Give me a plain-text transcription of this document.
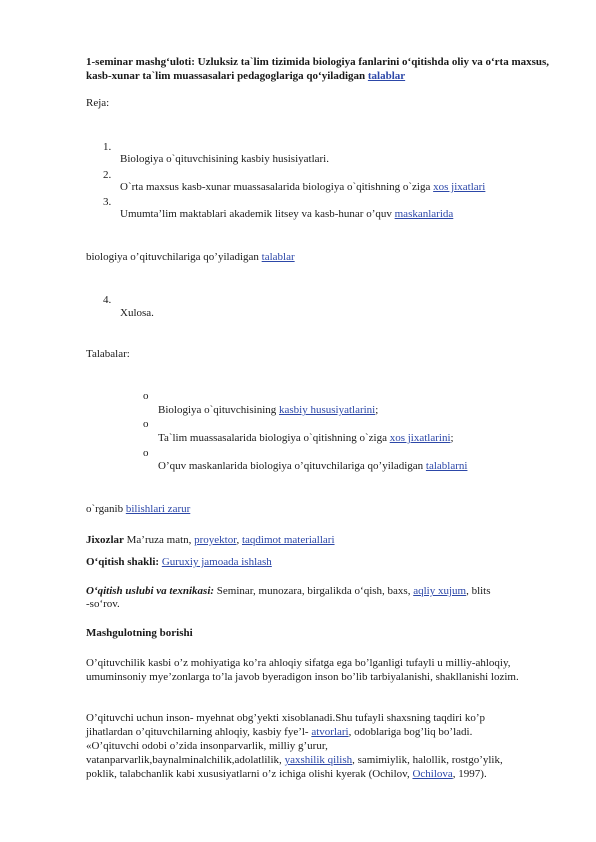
1-seminar mashg‘uloti: Uzluksiz ta`lim tizimida biologiya fanlarini o‘qitishda oliy va o‘rta maxsus, kasb-xunar ta`lim muassasalari pedagoglariga qo‘yiladigan talablar
Reja:
1.
Biologiya o`qituvchisining kasbiy husisiyatlari.
2.
O`rta maxsus kasb-xunar muassasalarida biologiya o`qitishning o`ziga xos jixatlari
3.
Umumta’lim maktablari akademik litsey va kasb-hunar o’quv maskanlarida
biologiya o’qituvchilariga qo’yiladigan talablar
4.
Xulosa.
Talabalar:
o
Biologiya o`qituvchisining kasbiy hususiyatlarini;
o
Ta`lim muassasalarida biologiya o`qitishning o`ziga xos jixatlarini;
o
O’quv maskanlarida biologiya o’qituvchilariga qo’yiladigan talablarni
o`rganib bilishlari zarur
Jixozlar Ma’ruza matn, proyektor, taqdimot materiallari
O‘qitish shakli: Guruxiy jamoada ishlash
O‘qitish uslubi va texnikasi: Seminar, munozara, birgalikda o‘qish, baxs, aqliy xujum, blits
-so‘rov.
Mashgulotning borishi
O’qituvchilik kasbi o’z mohiyatiga ko’ra ahloqiy sifatga ega bo’lganligi tufayli u milliy-ahloqiy, umuminsoniy mye’zonlarga to’la javob byeradigon inson bo’lib tarbiyalanishi, shakllanishi lozim.
O’qituvchi uchun inson- myehnat obg’yekti xisoblanadi.Shu tufayli shaxsning taqdiri ko’p
jihatlardan o’qituvchilarning ahloqiy, kasbiy fye’l- atvorlari, odoblariga bog’liq bo’ladi.
«O’qituvchi odobi o’zida insonparvarlik, milliy g’urur,
vatanparvarlik,baynalminalchilik,adolatlilik, yaxshilik qilish, samimiylik, halollik, rostgo’ylik,
poklik, talabchanlik kabi xususiyatlarni o’z ichiga olishi kyerak (Ochilov, Ochilova, 1997).
